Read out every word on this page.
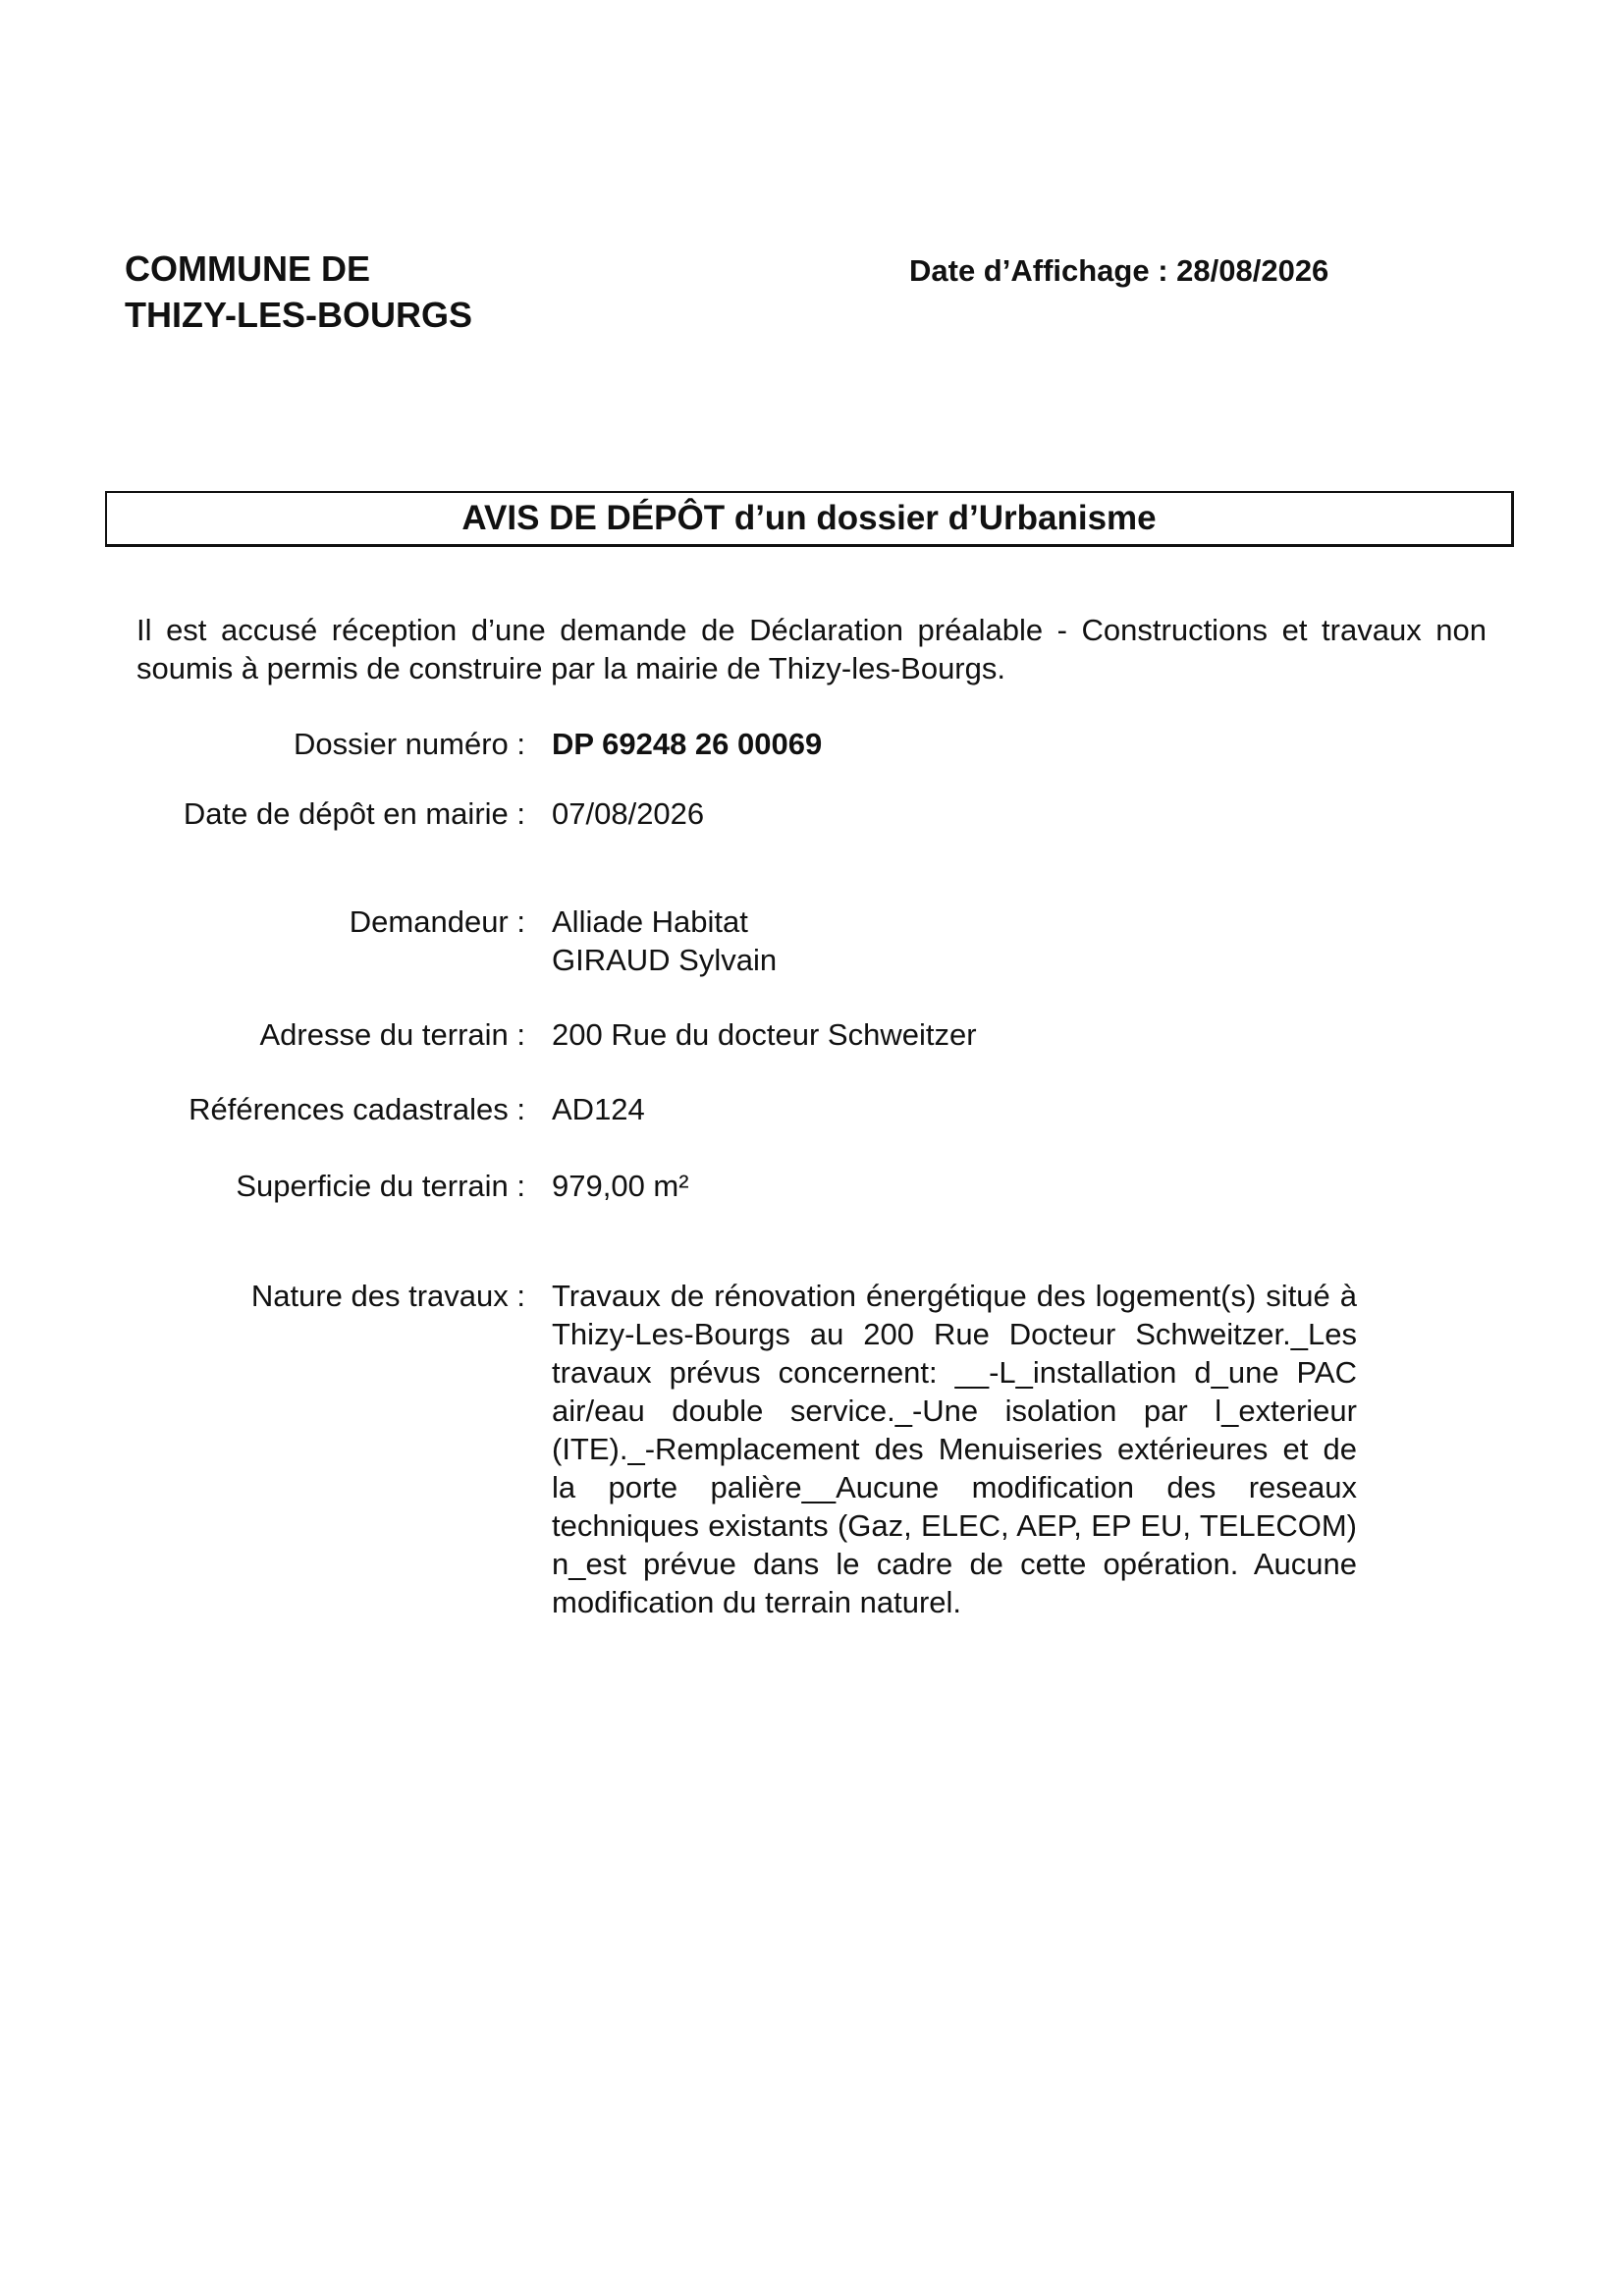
COMMUNE DE
THIZY-LES-BOURGS
Date d’Affichage : 28/08/2026
AVIS DE DÉPÔT d’un dossier d’Urbanisme
Il est accusé réception d’une demande de Déclaration préalable - Constructions et travaux non soumis à permis de construire par la mairie de Thizy-les-Bourgs.
Dossier numéro : DP 69248 26 00069
Date de dépôt en mairie : 07/08/2026
Demandeur : Alliade Habitat
GIRAUD Sylvain
Adresse du terrain : 200 Rue du docteur Schweitzer
Références cadastrales : AD124
Superficie du terrain : 979,00 m²
Nature des travaux : Travaux de rénovation énergétique des logement(s) situé à Thizy-Les-Bourgs au 200 Rue Docteur Schweitzer._Les travaux prévus concernent: __-L_installation d_une PAC air/eau double service._-Une isolation par l_exterieur (ITE)._-Remplacement des Menuiseries extérieures et de la porte palière__Aucune modification des reseaux techniques existants (Gaz, ELEC, AEP, EP EU, TELECOM) n_est prévue dans le cadre de cette opération. Aucune modification du terrain naturel.
